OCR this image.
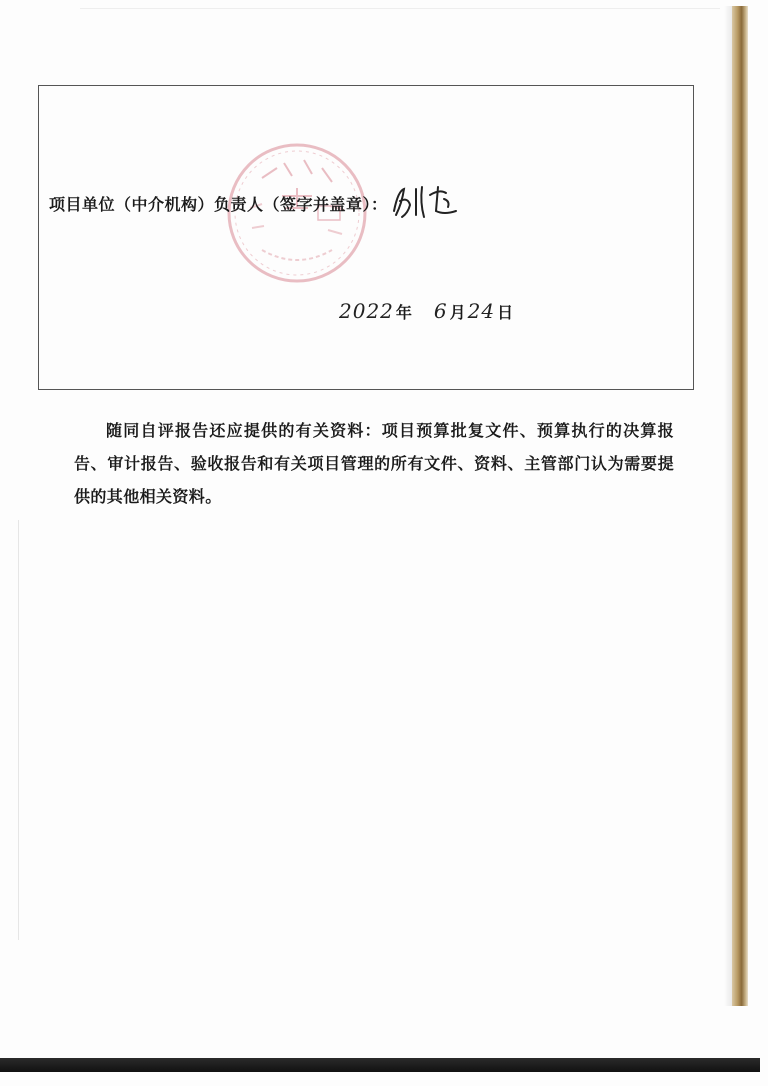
项目单位（中介机构）负责人（签字并盖章）：
2022 年 6 月 24 日

随同自评报告还应提供的有关资料：项目预算批复文件、预算执行的决算报告、审计报告、验收报告和有关项目管理的所有文件、资料、主管部门认为需要提供的其他相关资料。
